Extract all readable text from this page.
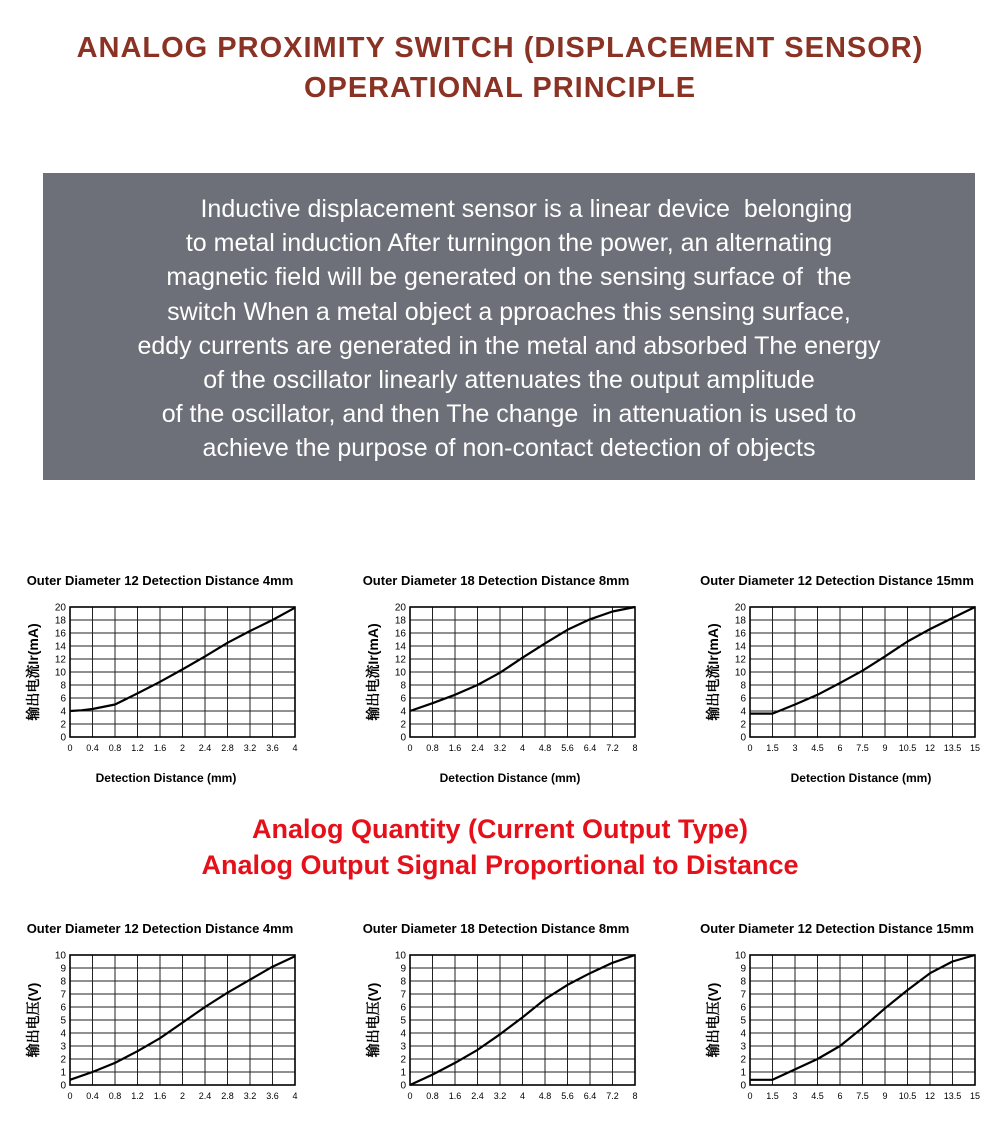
ANALOG PROXIMITY SWITCH (DISPLACEMENT SENSOR)
OPERATIONAL PRINCIPLE
Inductive displacement sensor is a linear device  belonging
to metal induction After turningon the power, an alternating
magnetic field will be generated on the sensing surface of  the
switch When a metal object a pproaches this sensing surface,
eddy currents are generated in the metal and absorbed The energy
of the oscillator linearly attenuates the output amplitude
of the oscillator, and then The change  in attenuation is used to
achieve the purpose of non-contact detection of objects
Outer Diameter 12 Detection Distance 4mm
0 0.4 0.8 1.2 1.6 2 2.4 2.8 3.2 3.6 4
0
2
4
6
8
10
12
14
16
18
20
输出电流Ir(mA)
Detection Distance (mm)
Outer Diameter 18 Detection Distance 8mm
0 0.8 1.6 2.4 3.2 4 4.8 5.6 6.4 7.2 8
0
2
4
6
8
10
12
14
16
18
20
输出电流Ir(mA)
Detection Distance (mm)
Outer Diameter 12 Detection Distance 15mm
0 1.5 3 4.5 6 7.5 9 10.5 12 13.5 15
0
2
4
6
8
10
12
14
16
18
20
输出电流Ir(mA)
Detection Distance (mm)
Analog Quantity (Current Output Type)
Analog Output Signal Proportional to Distance
Outer Diameter 12 Detection Distance 4mm
0 0.4 0.8 1.2 1.6 2 2.4 2.8 3.2 3.6 4
0
1
2
3
4
5
6
7
8
9
10
输出电压(V)
Outer Diameter 18 Detection Distance 8mm
0 0.8 1.6 2.4 3.2 4 4.8 5.6 6.4 7.2 8
0
1
2
3
4
5
6
7
8
9
10
输出电压(V)
Outer Diameter 12 Detection Distance 15mm
0 1.5 3 4.5 6 7.5 9 10.5 12 13.5 15
0
1
2
3
4
5
6
7
8
9
10
输出电压(V)
